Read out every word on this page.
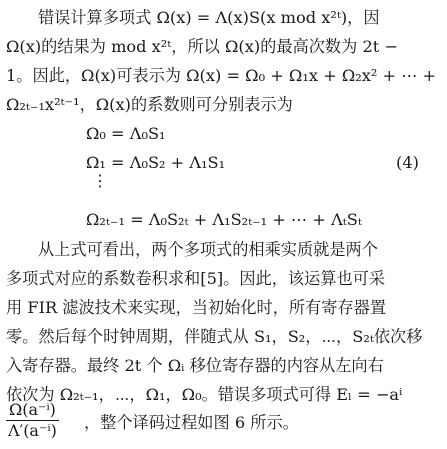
错误计算多项式 Ω(x) = Λ(x)S(x mod x²ᵗ)，因
Ω(x)的结果为 mod x²ᵗ，所以 Ω(x)的最高次数为 2t −
1。因此，Ω(x)可表示为 Ω(x) = Ω₀ + Ω₁x + Ω₂x² + ⋯ +
Ω₂ₜ₋₁x²ᵗ⁻¹，Ω(x)的系数则可分别表示为
Ω₀ = Λ₀S₁
Ω₁ = Λ₀S₂ + Λ₁S₁	(4)
⋮
Ω₂ₜ₋₁ = Λ₀S₂ₜ + Λ₁S₂ₜ₋₁ + ⋯ + ΛₜSₜ
从上式可看出，两个多项式的相乘实质就是两个
多项式对应的系数卷积求和[5]。因此，该运算也可采
用 FIR 滤波技术来实现，当初始化时，所有寄存器置
零。然后每个时钟周期，伴随式从 S₁，S₂，⋯，S₂ₜ依次移
入寄存器。最终 2t 个 Ωᵢ 移位寄存器的内容从左向右
依次为 Ω₂ₜ₋₁，⋯，Ω₁，Ω₀。错误多项式可得 Eₗ = −aⁱ
$\frac{\text{Ω(a⁻ⁱ)}}{\text{Λ′(a⁻ⁱ)}}$ ，整个译码过程如图 6 所示。
